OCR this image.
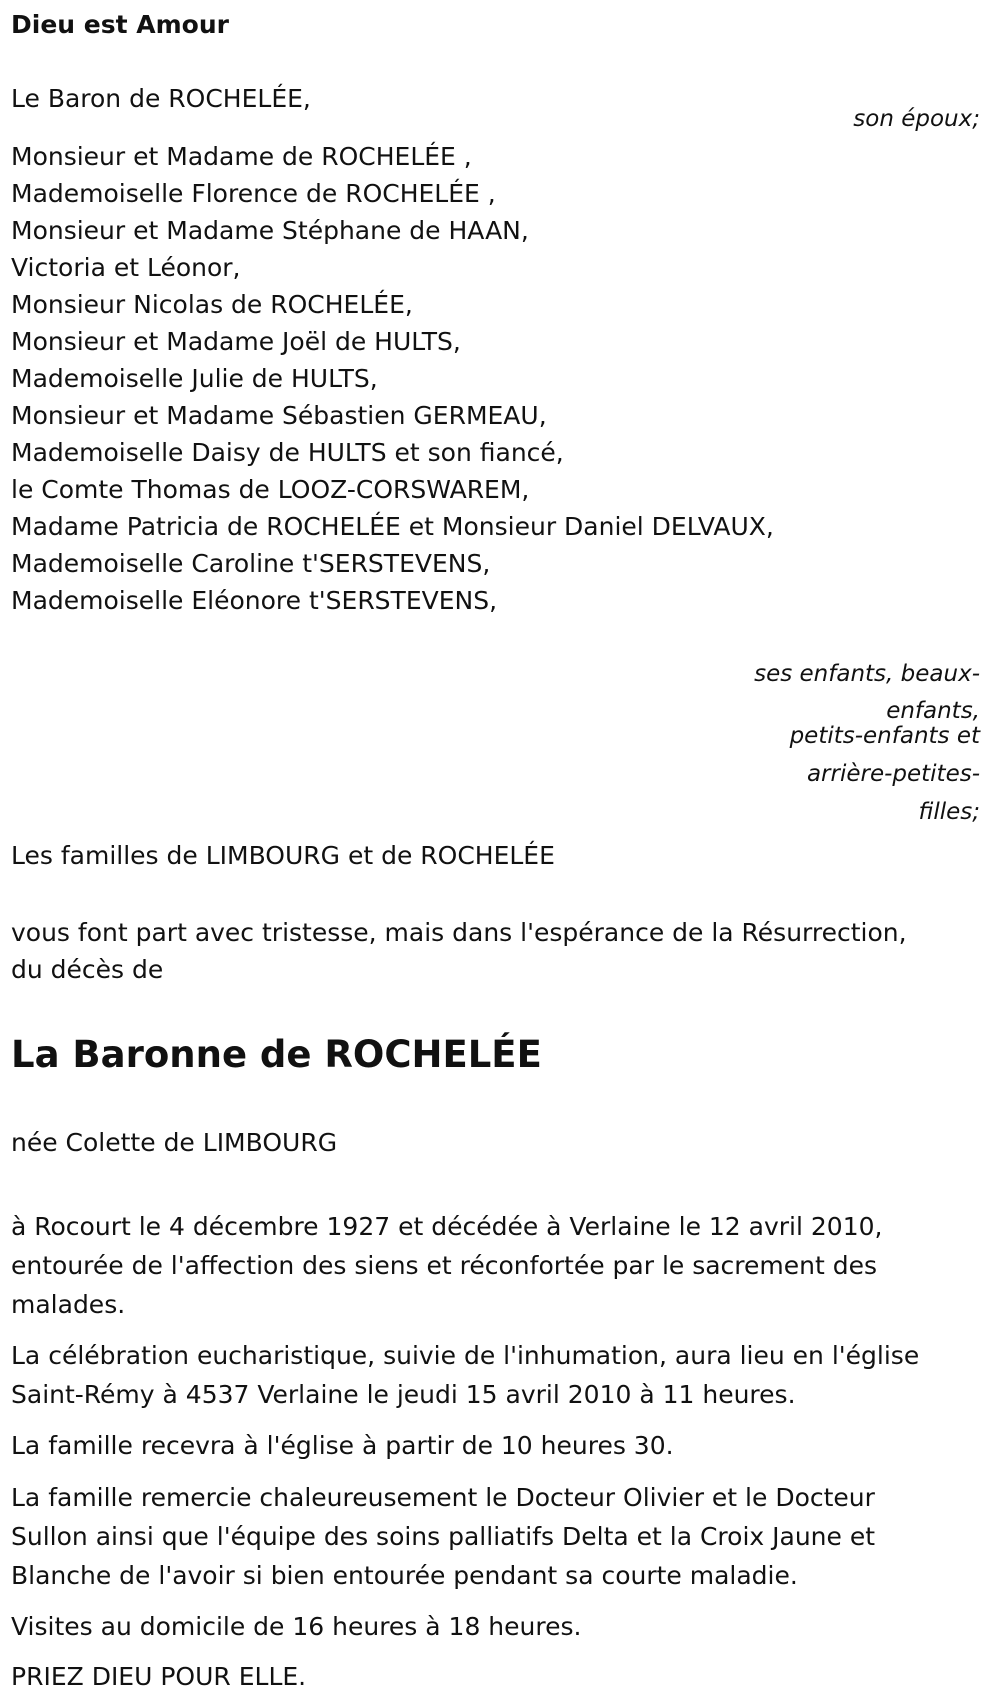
Dieu est Amour
Le Baron de ROCHELÉE,
son époux;
Monsieur et Madame de ROCHELÉE ,
Mademoiselle Florence de ROCHELÉE ,
Monsieur et Madame Stéphane de HAAN,
Victoria et Léonor,
Monsieur Nicolas de ROCHELÉE,
Monsieur et Madame Joël de HULTS,
Mademoiselle Julie de HULTS,
Monsieur et Madame Sébastien GERMEAU,
Mademoiselle Daisy de HULTS et son fiancé,
le Comte Thomas de LOOZ-CORSWAREM,
Madame Patricia de ROCHELÉE et Monsieur Daniel DELVAUX,
Mademoiselle Caroline t'SERSTEVENS,
Mademoiselle Eléonore t'SERSTEVENS,
ses enfants, beaux-
enfants,
petits-enfants et
arrière-petites-
filles;
Les familles de LIMBOURG et de ROCHELÉE
vous font part avec tristesse, mais dans l'espérance de la Résurrection,
du décès de
La Baronne de ROCHELÉE
née Colette de LIMBOURG
à Rocourt le 4 décembre 1927 et décédée à Verlaine le 12 avril 2010,
entourée de l'affection des siens et réconfortée par le sacrement des
malades.
La célébration eucharistique, suivie de l'inhumation, aura lieu en l'église
Saint-Rémy à 4537 Verlaine le jeudi 15 avril 2010 à 11 heures.
La famille recevra à l'église à partir de 10 heures 30.
La famille remercie chaleureusement le Docteur Olivier et le Docteur
Sullon ainsi que l'équipe des soins palliatifs Delta et la Croix Jaune et
Blanche de l'avoir si bien entourée pendant sa courte maladie.
Visites au domicile de 16 heures à 18 heures.
PRIEZ DIEU POUR ELLE.
